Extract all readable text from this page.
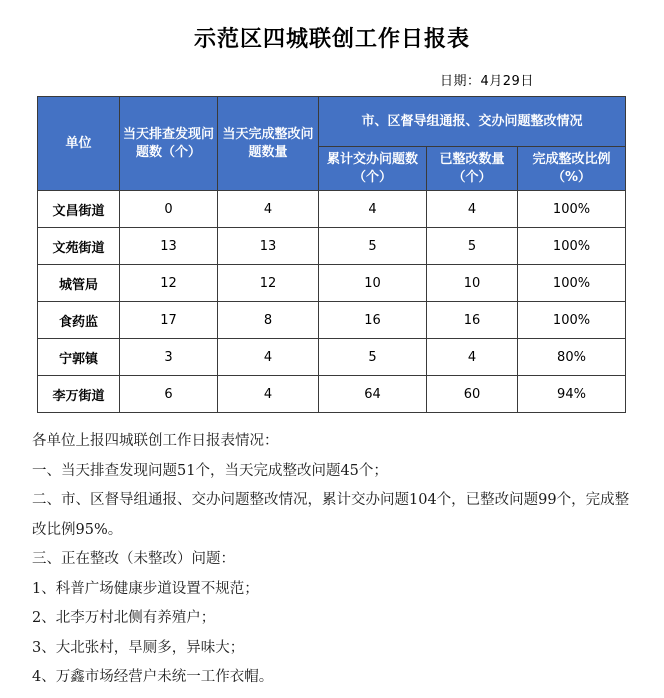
示范区四城联创工作日报表
日期：4月29日
单位	当天排查发现问题数（个）	当天完成整改问题数量	市、区督导组通报、交办问题整改情况		
			累计交办问题数（个）	已整改数量（个）	完成整改比例（%）
文昌街道	0	4	4	4	100%
文苑街道	13	13	5	5	100%
城管局	12	12	10	10	100%
食药监	17	8	16	16	100%
宁郭镇	3	4	5	4	80%
李万街道	6	4	64	60	94%

各单位上报四城联创工作日报表情况：

一、当天排查发现问题51个，当天完成整改问题45个；

二、市、区督导组通报、交办问题整改情况，累计交办问题104个，已整改问题99个，完成整改比例95%。

三、正在整改（未整改）问题：

1、科普广场健康步道设置不规范；

2、北李万村北侧有养殖户；

3、大北张村，旱厕多，异味大；

4、万鑫市场经营户未统一工作衣帽。
